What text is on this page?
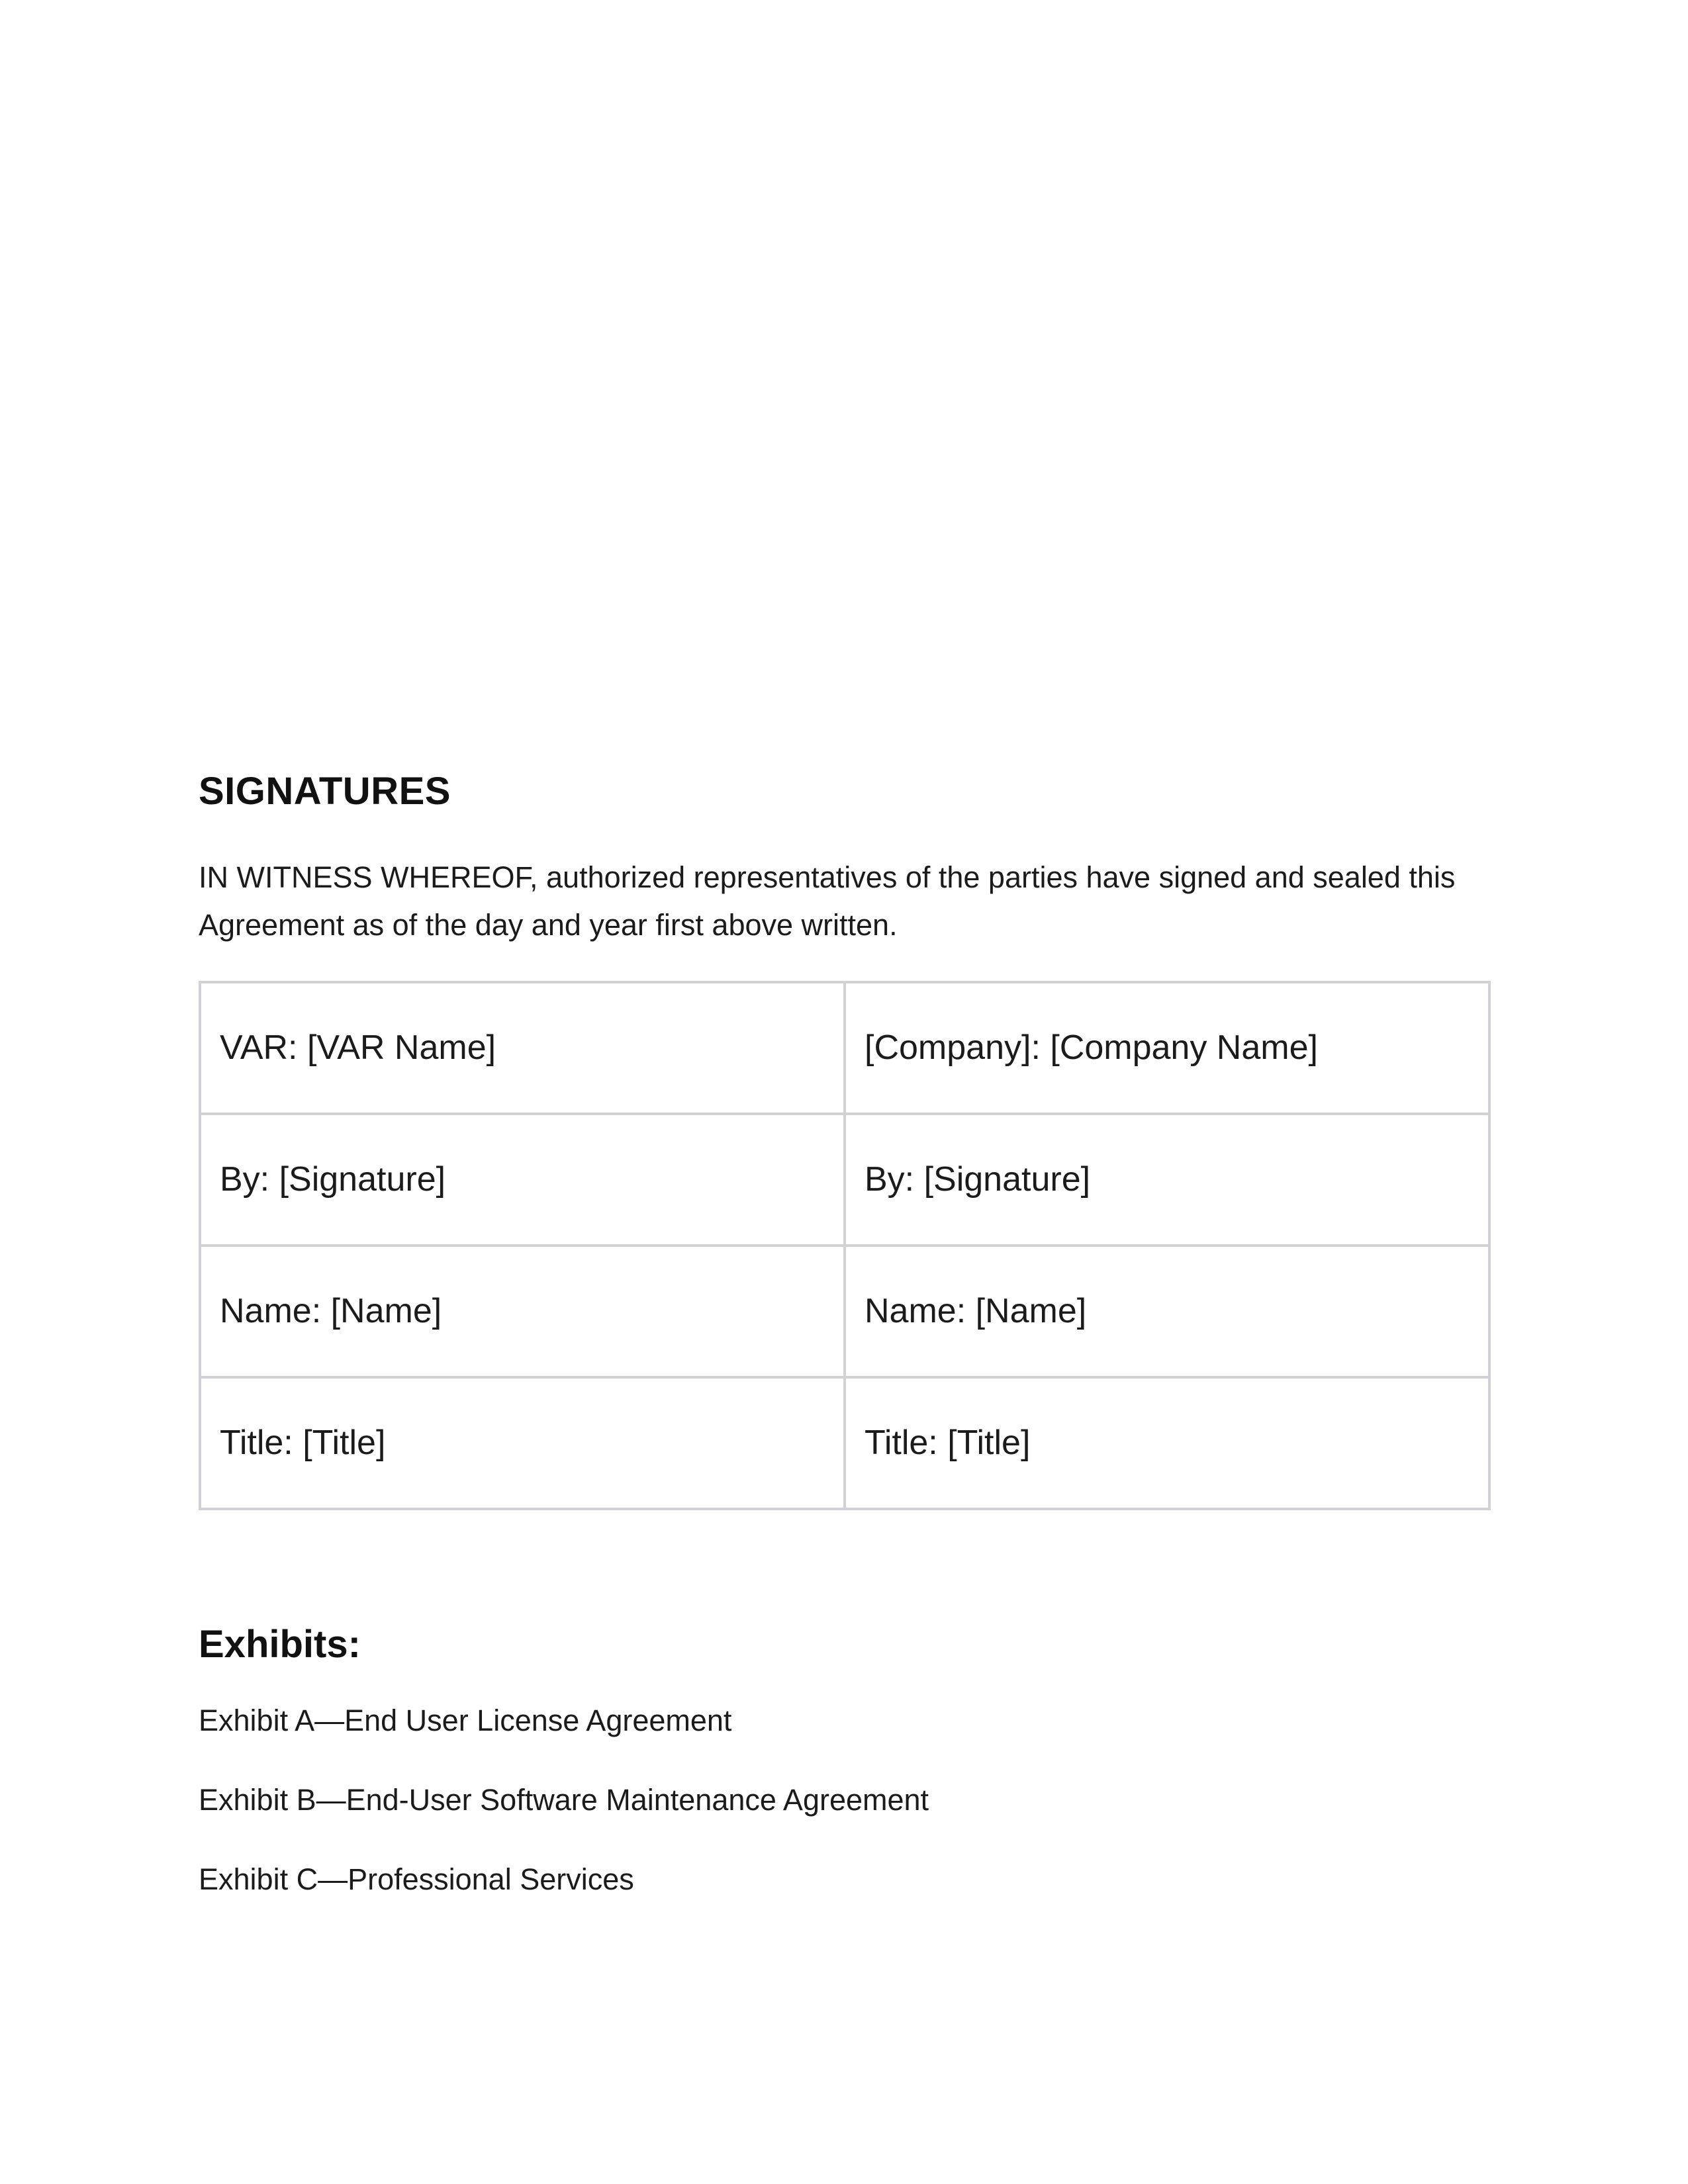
SIGNATURES

IN WITNESS WHEREOF, authorized representatives of the parties have signed and sealed this Agreement as of the day and year first above written.

VAR: [VAR Name]	[Company]: [Company Name]
By: [Signature]	By: [Signature]
Name: [Name]	Name: [Name]
Title: [Title]	Title: [Title]
Exhibits:
Exhibit A—End User License Agreement
Exhibit B—End-User Software Maintenance Agreement
Exhibit C—Professional Services
